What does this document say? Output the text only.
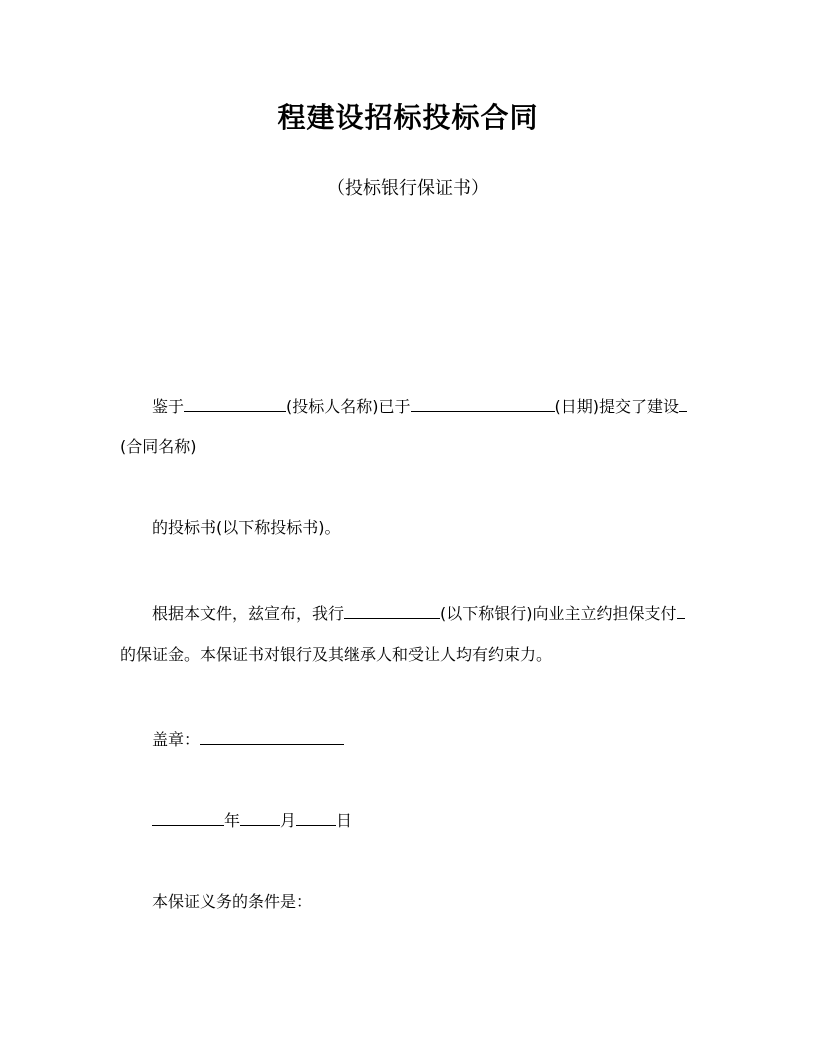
程建设招标投标合同
（投标银行保证书）
鉴于	(投标人名称)已于	(日期)提交了建设
(合同名称)
的投标书(以下称投标书)。
根据本文件，兹宣布，我行	(以下称银行)向业主立约担保支付
的保证金。本保证书对银行及其继承人和受让人均有约束力。
盖章：
年	月	日
本保证义务的条件是：
